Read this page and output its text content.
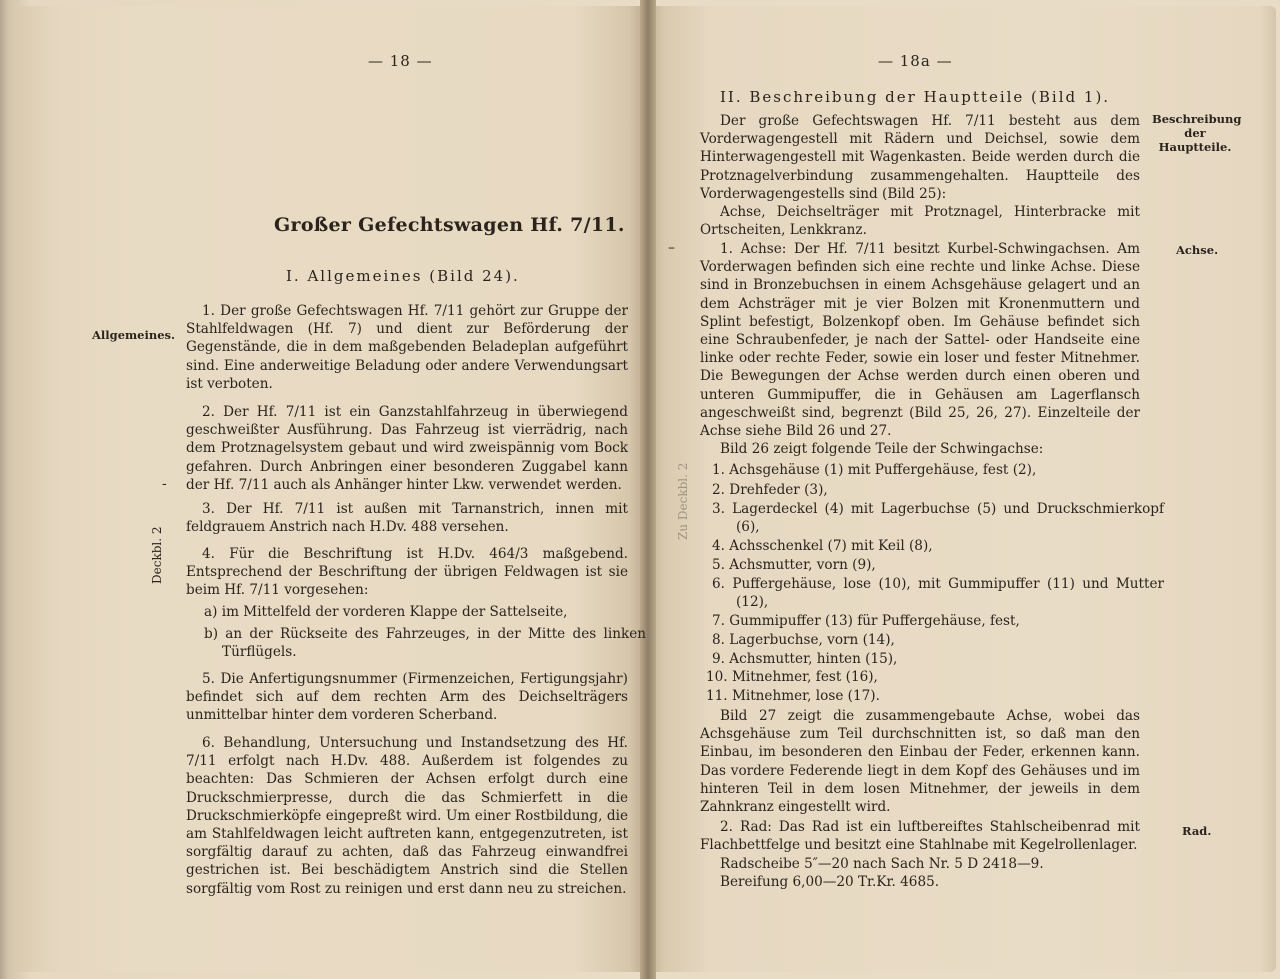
— 18 —
Großer Gefechtswagen Hf. 7/11.
I. Allgemeines (Bild 24).
Allgemeines.
Deckbl. 2

1. Der große Gefechtswagen Hf. 7/11 gehört zur Gruppe der Stahlfeldwagen (Hf. 7) und dient zur Beförderung der Gegenstände, die in dem maßgebenden Beladeplan aufgeführt sind. Eine anderweitige Beladung oder andere Verwendungsart ist verboten.

2. Der Hf. 7/11 ist ein Ganzstahlfahrzeug in überwiegend geschweißter Ausführung. Das Fahrzeug ist vierrädrig, nach dem Protznagelsystem gebaut und wird zweispännig vom Bock gefahren. Durch Anbringen einer besonderen Zuggabel kann der Hf. 7/11 auch als Anhänger hinter Lkw. verwendet werden.

3. Der Hf. 7/11 ist außen mit Tarnanstrich, innen mit feldgrauem Anstrich nach H.Dv. 488 versehen.

4. Für die Beschriftung ist H.Dv. 464/3 maßgebend. Entsprechend der Beschriftung der übrigen Feldwagen ist sie beim Hf. 7/11 vorgesehen:

a) im Mittelfeld der vorderen Klappe der Sattelseite,

b) an der Rückseite des Fahrzeuges, in der Mitte des linken Türflügels.

5. Die Anfertigungsnummer (Firmenzeichen, Fertigungsjahr) befindet sich auf dem rechten Arm des Deichselträgers unmittelbar hinter dem vorderen Scherband.

6. Behandlung, Untersuchung und Instandsetzung des Hf. 7/11 erfolgt nach H.Dv. 488. Außerdem ist folgendes zu beachten: Das Schmieren der Achsen erfolgt durch eine Druckschmierpresse, durch die das Schmierfett in die Druckschmierköpfe eingepreßt wird. Um einer Rostbildung, die am Stahlfeldwagen leicht auftreten kann, entgegenzutreten, ist sorgfältig darauf zu achten, daß das Fahrzeug einwandfrei gestrichen ist. Bei beschädigtem Anstrich sind die Stellen sorgfältig vom Rost zu reinigen und erst dann neu zu streichen.

— 18a —
II. Beschreibung der Hauptteile (Bild 1).
Beschreibung der Hauptteile.
Achse.
Rad.
Zu Deckbl. 2
–
-

Der große Gefechtswagen Hf. 7/11 besteht aus dem Vorderwagengestell mit Rädern und Deichsel, sowie dem Hinterwagengestell mit Wagenkasten. Beide werden durch die Protznagelverbindung zusammengehalten. Hauptteile des Vorderwagengestells sind (Bild 25):

Achse, Deichselträger mit Protznagel, Hinterbracke mit Ortscheiten, Lenkkranz.

1. Achse: Der Hf. 7/11 besitzt Kurbel-Schwingachsen. Am Vorderwagen befinden sich eine rechte und linke Achse. Diese sind in Bronzebuchsen in einem Achsgehäuse gelagert und an dem Achsträger mit je vier Bolzen mit Kronenmuttern und Splint befestigt, Bolzenkopf oben. Im Gehäuse befindet sich eine Schraubenfeder, je nach der Sattel- oder Handseite eine linke oder rechte Feder, sowie ein loser und fester Mitnehmer. Die Bewegungen der Achse werden durch einen oberen und unteren Gummipuffer, die in Gehäusen am Lagerflansch angeschweißt sind, begrenzt (Bild 25, 26, 27). Einzelteile der Achse siehe Bild 26 und 27.

Bild 26 zeigt folgende Teile der Schwingachse:

1. Achsgehäuse (1) mit Puffergehäuse, fest (2),
2. Drehfeder (3),

3. Lagerdeckel (4) mit Lagerbuchse (5) und Druckschmierkopf (6),

4. Achsschenkel (7) mit Keil (8),
5. Achsmutter, vorn (9),

6. Puffergehäuse, lose (10), mit Gummipuffer (11) und Mutter (12),

7. Gummipuffer (13) für Puffergehäuse, fest,
8. Lagerbuchse, vorn (14),
9. Achsmutter, hinten (15),
10. Mitnehmer, fest (16),
11. Mitnehmer, lose (17).

Bild 27 zeigt die zusammengebaute Achse, wobei das Achsgehäuse zum Teil durchschnitten ist, so daß man den Einbau, im besonderen den Einbau der Feder, erkennen kann. Das vordere Federende liegt in dem Kopf des Gehäuses und im hinteren Teil in dem losen Mitnehmer, der jeweils in dem Zahnkranz eingestellt wird.

2. Rad: Das Rad ist ein luftbereiftes Stahlscheibenrad mit Flachbettfelge und besitzt eine Stahlnabe mit Kegelrollenlager.

Radscheibe 5″—20 nach Sach Nr. 5 D 2418—9.
Bereifung 6,00—20 Tr.Kr. 4685.
